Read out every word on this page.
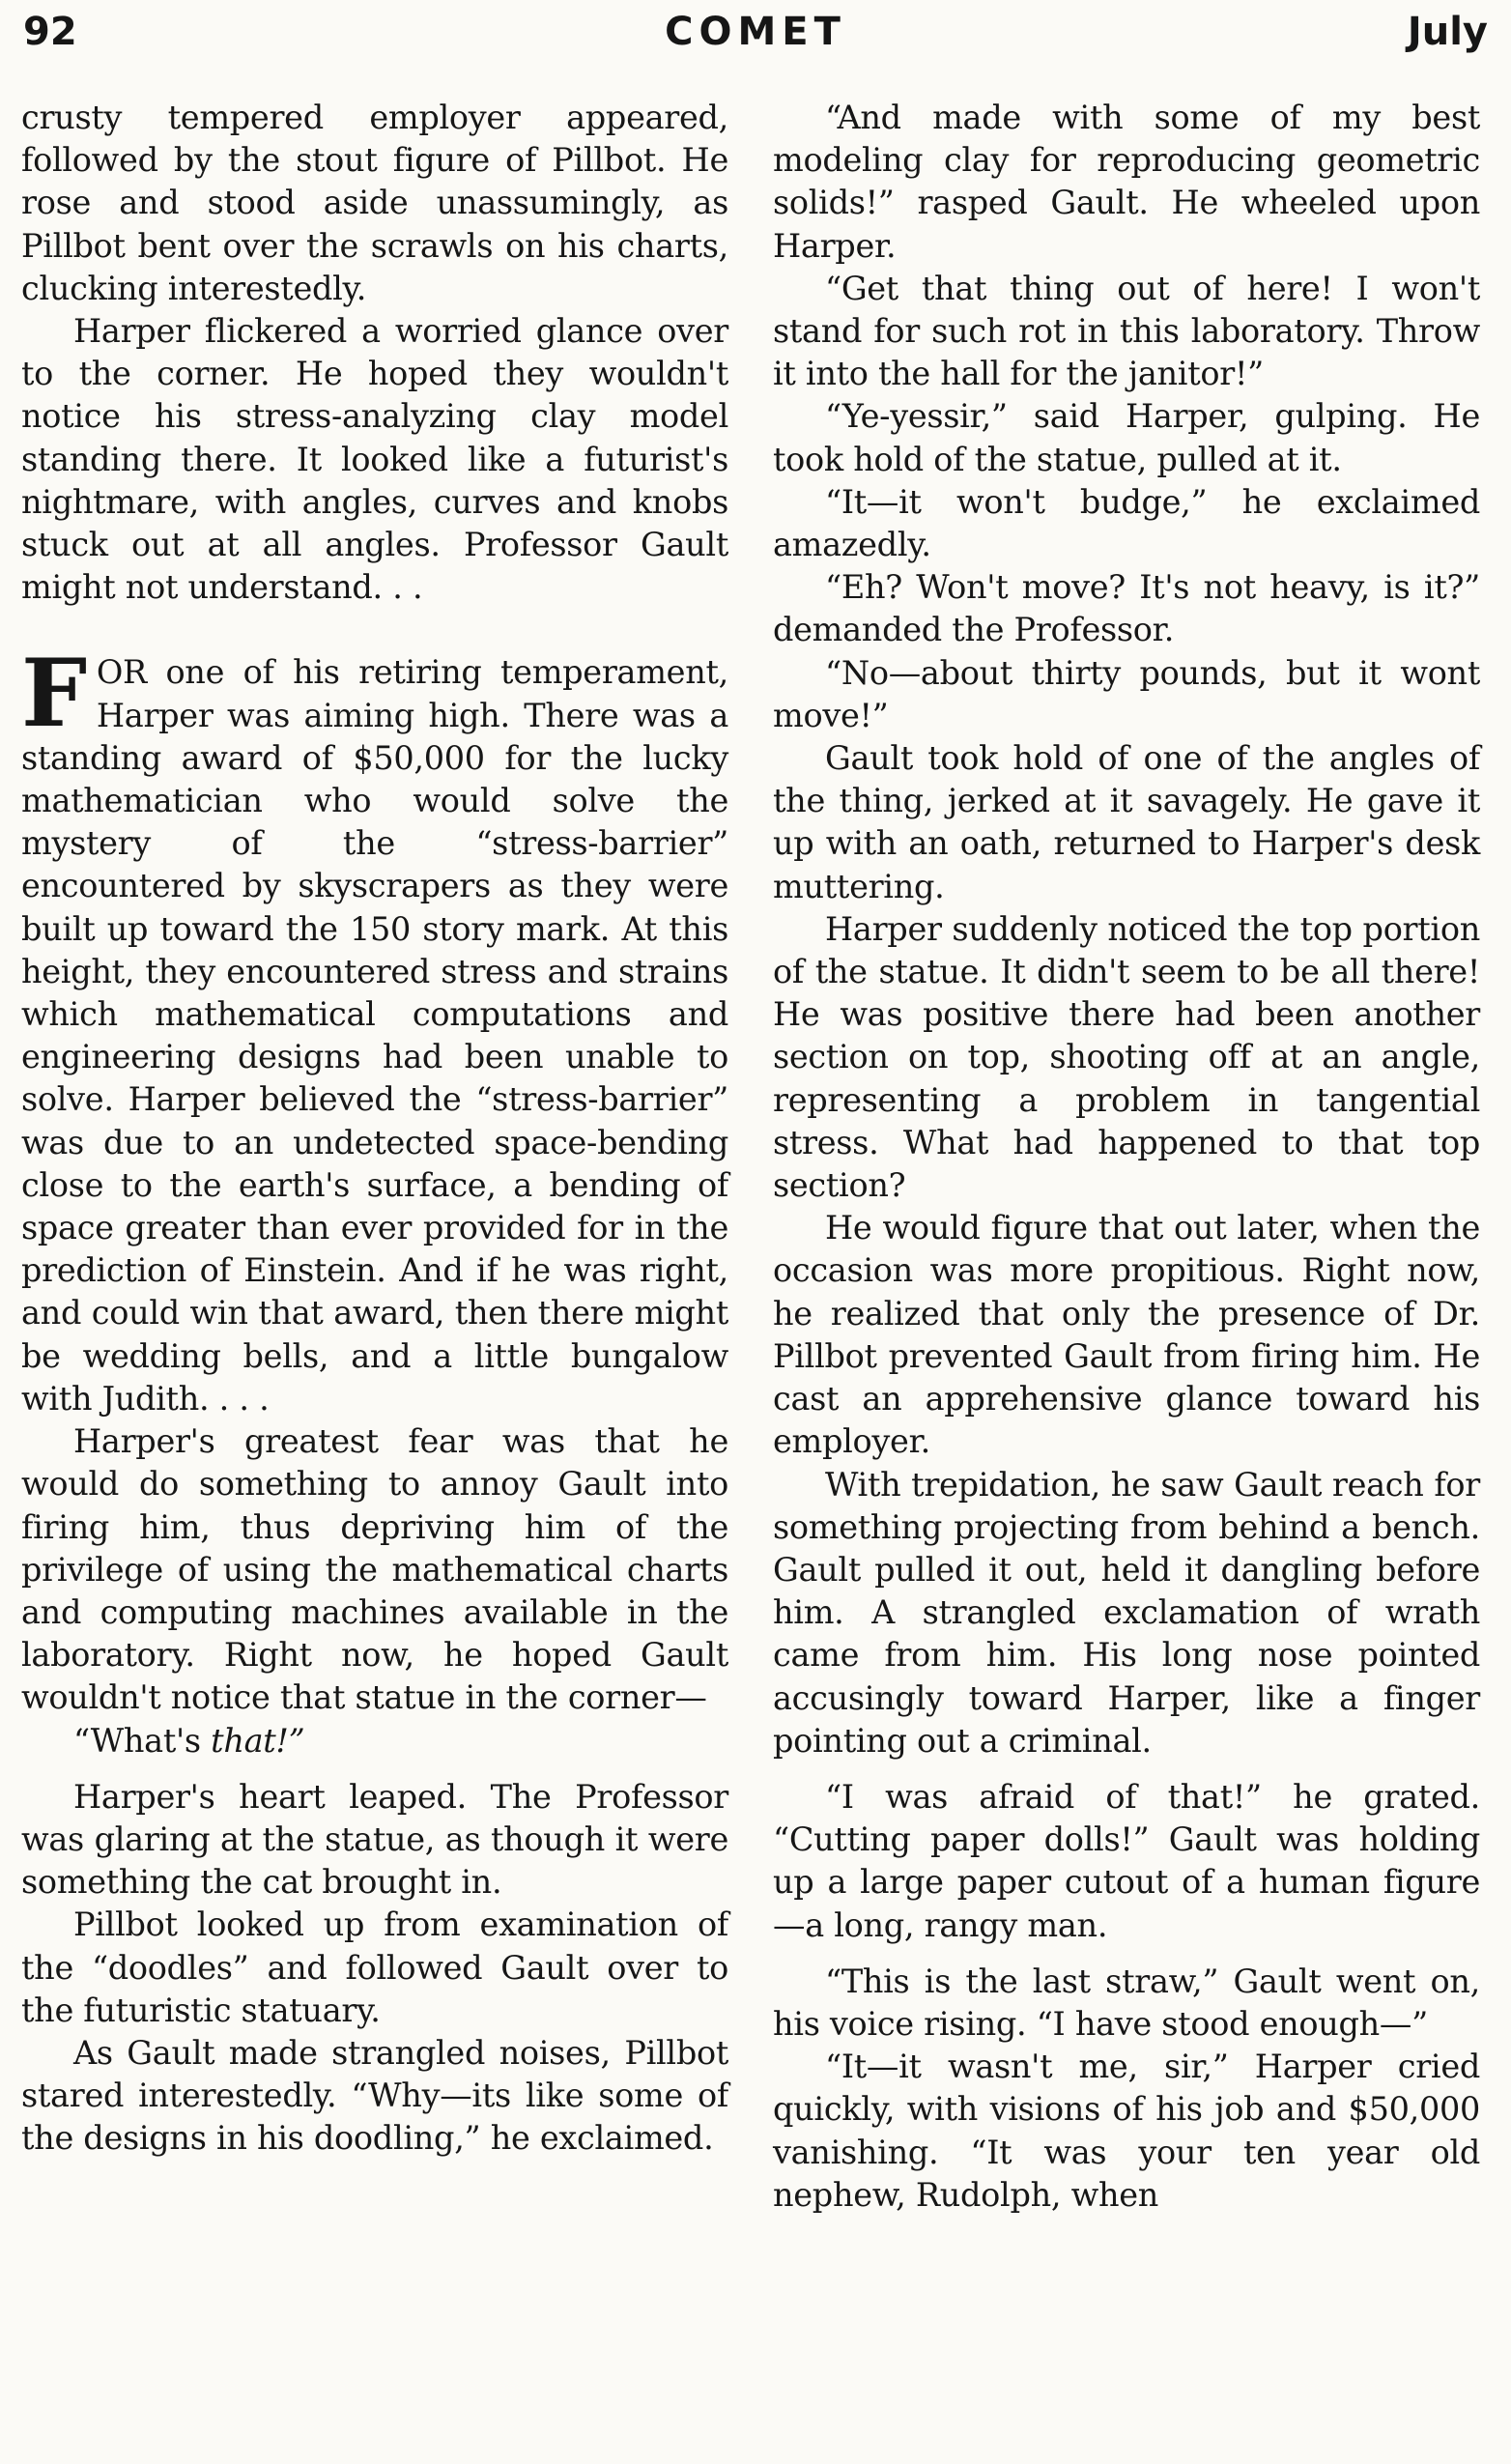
92	COMET	July

crusty tempered employer appeared, followed by the stout figure of Pillbot. He rose and stood aside unassumingly, as Pillbot bent over the scrawls on his charts, clucking interestedly.

Harper flickered a worried glance over to the corner. He hoped they wouldn't notice his stress-analyzing clay model standing there. It looked like a futurist's nightmare, with angles, curves and knobs stuck out at all angles. Professor Gault might not understand. . .

FOR one of his retiring temperament, Harper was aiming high. There was a standing award of $50,000 for the lucky mathematician who would solve the mystery of the “stress-barrier” encountered by skyscrapers as they were built up toward the 150 story mark. At this height, they encountered stress and strains which mathematical computations and engineering designs had been unable to solve. Harper believed the “stress-barrier” was due to an undetected space-bending close to the earth's surface, a bending of space greater than ever provided for in the prediction of Einstein. And if he was right, and could win that award, then there might be wedding bells, and a little bungalow with Judith. . . .

Harper's greatest fear was that he would do something to annoy Gault into firing him, thus depriving him of the privilege of using the mathematical charts and computing machines available in the laboratory. Right now, he hoped Gault wouldn't notice that statue in the corner—

“What's that!”

Harper's heart leaped. The Professor was glaring at the statue, as though it were something the cat brought in.

Pillbot looked up from examination of the “doodles” and followed Gault over to the futuristic statuary.

As Gault made strangled noises, Pillbot stared interestedly. “Why—its like some of the designs in his doodling,” he exclaimed.

“And made with some of my best modeling clay for reproducing geometric solids!” rasped Gault. He wheeled upon Harper.

“Get that thing out of here! I won't stand for such rot in this laboratory. Throw it into the hall for the janitor!”

“Ye-yessir,” said Harper, gulping. He took hold of the statue, pulled at it.

“It—it won't budge,” he exclaimed amazedly.

“Eh? Won't move? It's not heavy, is it?” demanded the Professor.

“No—about thirty pounds, but it wont move!”

Gault took hold of one of the angles of the thing, jerked at it savagely. He gave it up with an oath, returned to Harper's desk muttering.

Harper suddenly noticed the top portion of the statue. It didn't seem to be all there! He was positive there had been another section on top, shooting off at an angle, representing a problem in tangential stress. What had happened to that top section?

He would figure that out later, when the occasion was more propitious. Right now, he realized that only the presence of Dr. Pillbot prevented Gault from firing him. He cast an apprehensive glance toward his employer.

With trepidation, he saw Gault reach for something projecting from behind a bench. Gault pulled it out, held it dangling before him. A strangled exclamation of wrath came from him. His long nose pointed accusingly toward Harper, like a finger pointing out a criminal.

“I was afraid of that!” he grated. “Cutting paper dolls!” Gault was holding up a large paper cutout of a human figure—a long, rangy man.

“This is the last straw,” Gault went on, his voice rising. “I have stood enough—”

“It—it wasn't me, sir,” Harper cried quickly, with visions of his job and $50,000 vanishing. “It was your ten year old nephew, Rudolph, when
